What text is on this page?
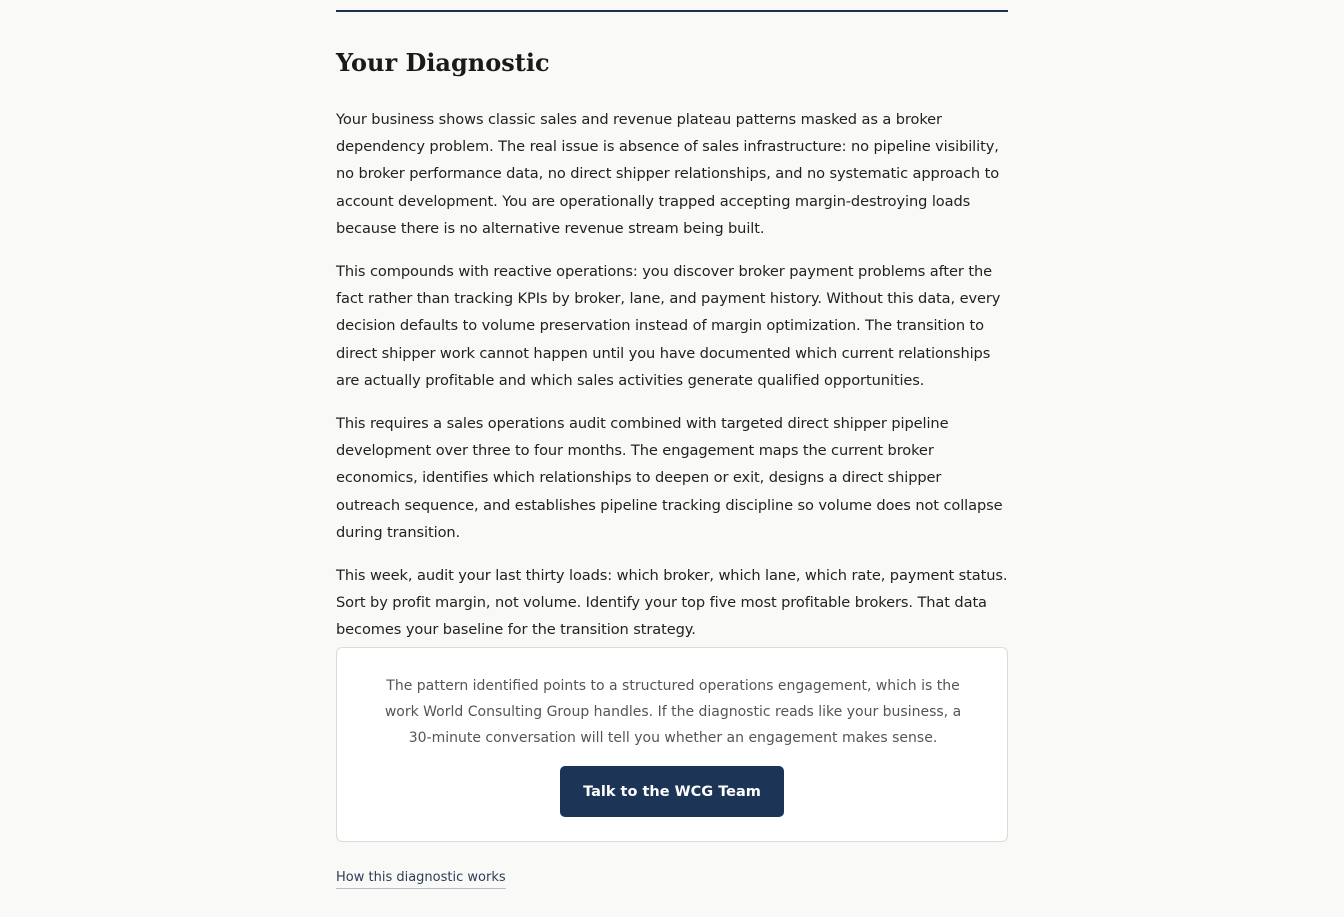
Your Diagnostic

Your business shows classic sales and revenue plateau patterns masked as a broker dependency problem. The real issue is absence of sales infrastructure: no pipeline visibility, no broker performance data, no direct shipper relationships, and no systematic approach to account development. You are operationally trapped accepting margin-destroying loads because there is no alternative revenue stream being built.

This compounds with reactive operations: you discover broker payment problems after the fact rather than tracking KPIs by broker, lane, and payment history. Without this data, every decision defaults to volume preservation instead of margin optimization. The transition to direct shipper work cannot happen until you have documented which current relationships are actually profitable and which sales activities generate qualified opportunities.

This requires a sales operations audit combined with targeted direct shipper pipeline development over three to four months. The engagement maps the current broker economics, identifies which relationships to deepen or exit, designs a direct shipper outreach sequence, and establishes pipeline tracking discipline so volume does not collapse during transition.

This week, audit your last thirty loads: which broker, which lane, which rate, payment status. Sort by profit margin, not volume. Identify your top five most profitable brokers. That data becomes your baseline for the transition strategy.

The pattern identified points to a structured operations engagement, which is the work World Consulting Group handles. If the diagnostic reads like your business, a 30-minute conversation will tell you whether an engagement makes sense.

Talk to the WCG Team
How this diagnostic works
